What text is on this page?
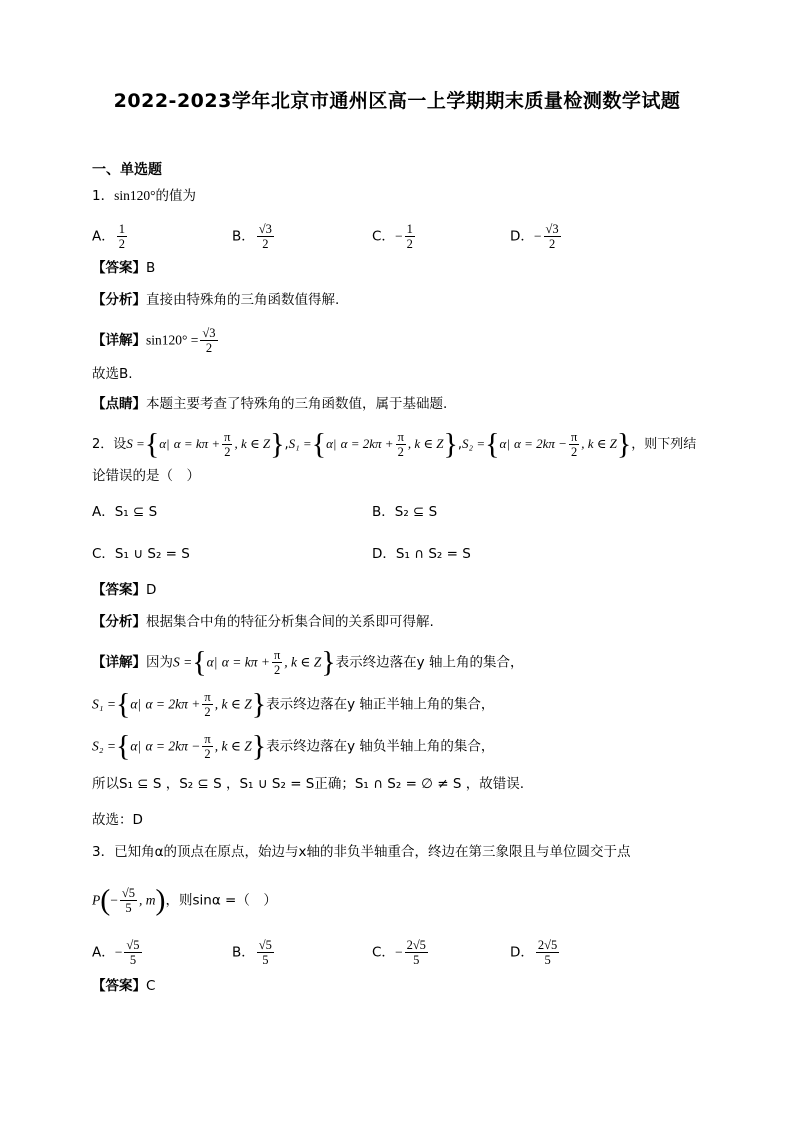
2022-2023学年北京市通州区高一上学期期末质量检测数学试题
一、单选题
1．sin120°的值为
A． $\frac{1}{2}$	B． $\frac{√3}{2}$	C．− $\frac{1}{2}$	D．− $\frac{√3}{2}$
【答案】B
【分析】直接由特殊角的三角函数值得解.
【详解】$\sin 120^\circ = \frac{√3}{2}$
故选B.
【点睛】本题主要考查了特殊角的三角函数值，属于基础题.
2．设S ={α| $\alpha = k\pi + \frac{\pi}{2}$ , k ∈ Z},S₁ ={α| $\alpha = 2k\pi + \frac{\pi}{2}$ , k ∈ Z},S₂ ={α| $\alpha = 2k\pi - \frac{\pi}{2}$ , k ∈ Z}，则下列结
论错误的是（　）
A．S₁ ⊆ S	B．S₂ ⊆ S
C．S₁ ∪ S₂ = S	D．S₁ ∩ S₂ = S
【答案】D
【分析】根据集合中角的特征分析集合间的关系即可得解.
【详解】因为S ={α| $\alpha = k\pi + \frac{\pi}{2}$ , k ∈ Z}表示终边落在y 轴上角的集合，
S₁ ={α| $\alpha = 2k\pi + \frac{\pi}{2}$ , k ∈ Z}表示终边落在y 轴正半轴上角的集合，
S₂ ={α| $\alpha = 2k\pi - \frac{\pi}{2}$ , k ∈ Z}表示终边落在y 轴负半轴上角的集合，
所以S₁ ⊆ S ，S₂ ⊆ S ，S₁ ∪ S₂ = S正确；S₁ ∩ S₂ = ∅ ≠ S ，故错误.
故选：D
3．已知角α的顶点在原点，始边与x轴的非负半轴重合，终边在第三象限且与单位圆交于点
$P(- \frac{√5}{5}$ , m)，则sinα =（　）
A．− $\frac{√5}{5}$	B． $\frac{√5}{5}$	C．− $\frac{2√5}{5}$	D． $\frac{2√5}{5}$
【答案】C
